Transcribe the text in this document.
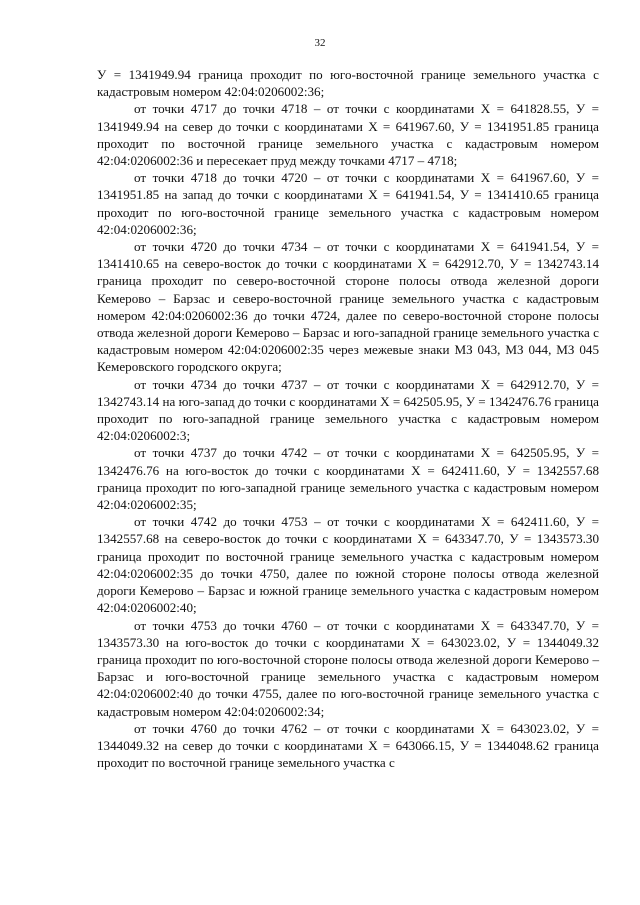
32

У = 1341949.94 граница проходит по юго-восточной границе земельного участка с кадастровым номером 42:04:0206002:36;

от точки 4717 до точки 4718 – от точки с координатами Х = 641828.55, У = 1341949.94 на север до точки с координатами Х = 641967.60, У = 1341951.85 граница проходит по восточной границе земельного участка с кадастровым номером 42:04:0206002:36 и пересекает пруд между точками 4717 – 4718;

от точки 4718 до точки 4720 – от точки с координатами Х = 641967.60, У = 1341951.85 на запад до точки с координатами Х = 641941.54, У = 1341410.65 граница проходит по юго-восточной границе земельного участка с кадастровым номером 42:04:0206002:36;

от точки 4720 до точки 4734 – от точки с координатами Х = 641941.54, У = 1341410.65 на северо-восток до точки с координатами Х = 642912.70, У = 1342743.14 граница проходит по северо-восточной стороне полосы отвода железной дороги Кемерово – Барзас и северо-восточной границе земельного участка с кадастровым номером 42:04:0206002:36 до точки 4724, далее по северо-восточной стороне полосы отвода железной дороги Кемерово – Барзас и юго-западной границе земельного участка с кадастровым номером 42:04:0206002:35 через межевые знаки МЗ 043, МЗ 044, МЗ 045 Кемеровского городского округа;

от точки 4734 до точки 4737 – от точки с координатами Х = 642912.70, У = 1342743.14 на юго-запад до точки с координатами Х = 642505.95, У = 1342476.76 граница проходит по юго-западной границе земельного участка с кадастровым номером 42:04:0206002:3;

от точки 4737 до точки 4742 – от точки с координатами Х = 642505.95, У = 1342476.76 на юго-восток до точки с координатами Х = 642411.60, У = 1342557.68 граница проходит по юго-западной границе земельного участка с кадастровым номером 42:04:0206002:35;

от точки 4742 до точки 4753 – от точки с координатами Х = 642411.60, У = 1342557.68 на северо-восток до точки с координатами Х = 643347.70, У = 1343573.30 граница проходит по восточной границе земельного участка с кадастровым номером 42:04:0206002:35 до точки 4750, далее по южной стороне полосы отвода железной дороги Кемерово – Барзас и южной границе земельного участка с кадастровым номером 42:04:0206002:40;

от точки 4753 до точки 4760 – от точки с координатами Х = 643347.70, У = 1343573.30 на юго-восток до точки с координатами Х = 643023.02, У = 1344049.32 граница проходит по юго-восточной стороне полосы отвода железной дороги Кемерово – Барзас и юго-восточной границе земельного участка с кадастровым номером 42:04:0206002:40 до точки 4755, далее по юго-восточной границе земельного участка с кадастровым номером 42:04:0206002:34;

от точки 4760 до точки 4762 – от точки с координатами Х = 643023.02, У = 1344049.32 на север до точки с координатами Х = 643066.15, У = 1344048.62 граница проходит по восточной границе земельного участка с
